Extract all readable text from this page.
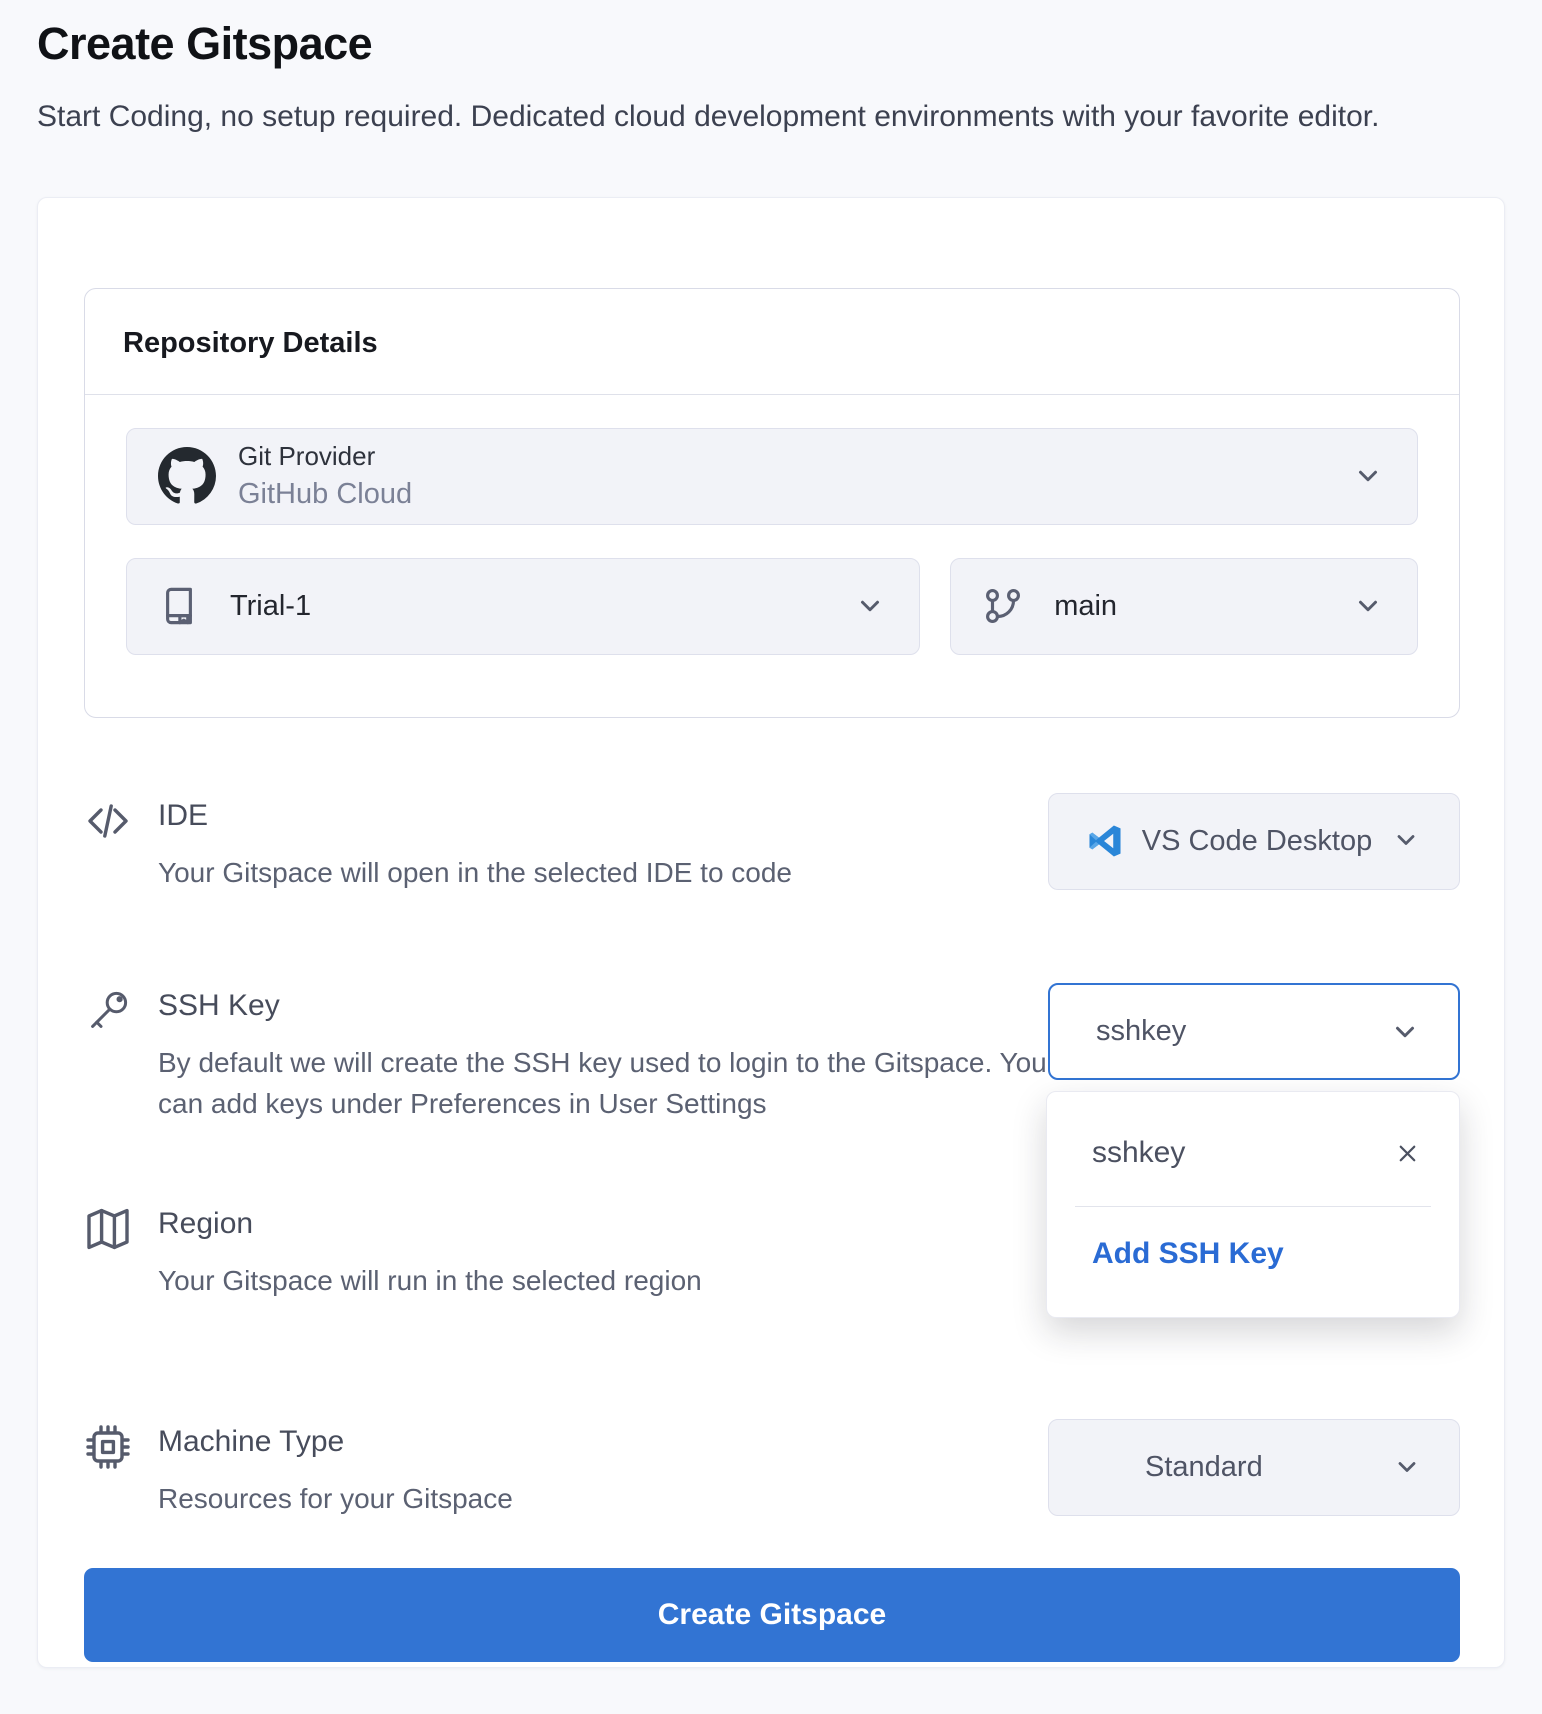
Create Gitspace

Start Coding, no setup required. Dedicated cloud development environments with your favorite editor.

Repository Details
Git Provider
GitHub Cloud
Trial-1	main
IDE
Your Gitspace will open in the selected IDE to code
VS Code Desktop
SSH Key
By default we will create the SSH key used to login to the Gitspace. You can add keys under Preferences in User Settings
sshkey
sshkey
Add SSH Key
Region
Your Gitspace will run in the selected region
Machine Type
Resources for your Gitspace
Standard
Create Gitspace
